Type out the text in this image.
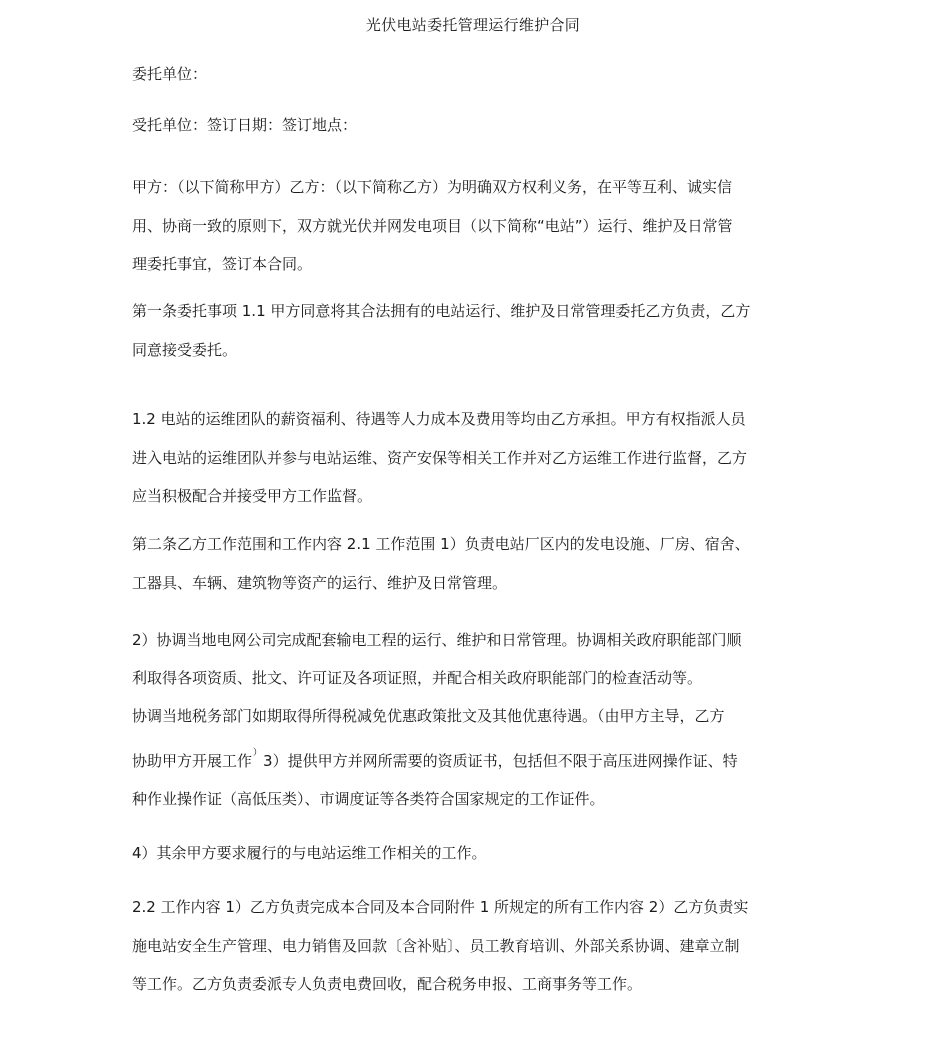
光伏电站委托管理运行维护合同
委托单位：
受托单位：签订日期：签订地点：
甲方：（以下简称甲方）乙方：（以下简称乙方）为明确双方权利义务，在平等互利、诚实信
用、协商一致的原则下，双方就光伏并网发电项目（以下简称“电站”）运行、维护及日常管
理委托事宜，签订本合同。
第一条委托事项 1.1 甲方同意将其合法拥有的电站运行、维护及日常管理委托乙方负责，乙方
同意接受委托。
1.2 电站的运维团队的薪资福利、待遇等人力成本及费用等均由乙方承担。甲方有权指派人员
进入电站的运维团队并参与电站运维、资产安保等相关工作并对乙方运维工作进行监督，乙方
应当积极配合并接受甲方工作监督。
第二条乙方工作范围和工作内容 2.1 工作范围 1）负责电站厂区内的发电设施、厂房、宿舍、
工器具、车辆、建筑物等资产的运行、维护及日常管理。
2）协调当地电网公司完成配套输电工程的运行、维护和日常管理。协调相关政府职能部门顺
利取得各项资质、批文、许可证及各项证照，并配合相关政府职能部门的检查活动等。
协调当地税务部门如期取得所得税减免优惠政策批文及其他优惠待遇。（由甲方主导，乙方
协助甲方开展工作）3）提供甲方并网所需要的资质证书，包括但不限于高压进网操作证、特
种作业操作证（高低压类）、市调度证等各类符合国家规定的工作证件。
4）其余甲方要求履行的与电站运维工作相关的工作。
2.2 工作内容 1）乙方负责完成本合同及本合同附件 1 所规定的所有工作内容 2）乙方负责实
施电站安全生产管理、电力销售及回款〔含补贴〕、员工教育培训、外部关系协调、建章立制
等工作。乙方负责委派专人负责电费回收，配合税务申报、工商事务等工作。
